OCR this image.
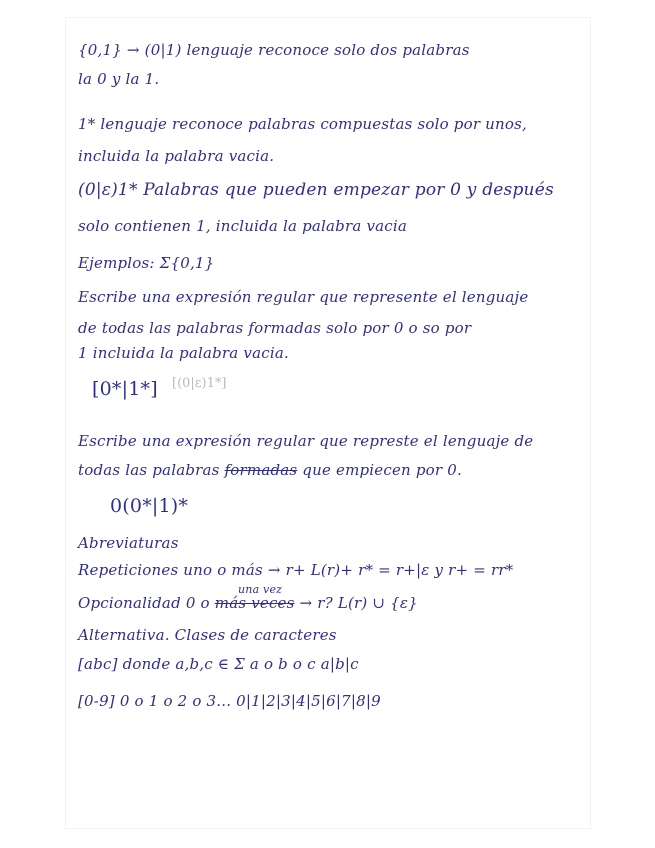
{0,1} → (0|1) lenguaje reconoce solo dos palabras
la 0 y la 1.
1* lenguaje reconoce palabras compuestas solo por unos,
incluida la palabra vacia.
(0|ε)1* Palabras que pueden empezar por 0 y después
solo contienen 1, incluida la palabra vacia
Ejemplos: Σ{0,1}
Escribe una expresión regular que represente el lenguaje
de todas las palabras formadas solo por 0 o so por
1 incluida la palabra vacia.
[0*|1*] [(0|ε)1*]
Escribe una expresión regular que represte el lenguaje de
todas las palabras formadas que empiecen por 0.
0(0*|1)*
Abreviaturas
Repeticiones uno o más → r+ L(r)+ r* = r+|ε y r+ = rr*
una vez
Opcionalidad 0 o más veces → r? L(r) ∪ {ε}
Alternativa. Clases de caracteres
[abc] donde a,b,c ∈ Σ a o b o c a|b|c
[0-9] 0 o 1 o 2 o 3... 0|1|2|3|4|5|6|7|8|9
